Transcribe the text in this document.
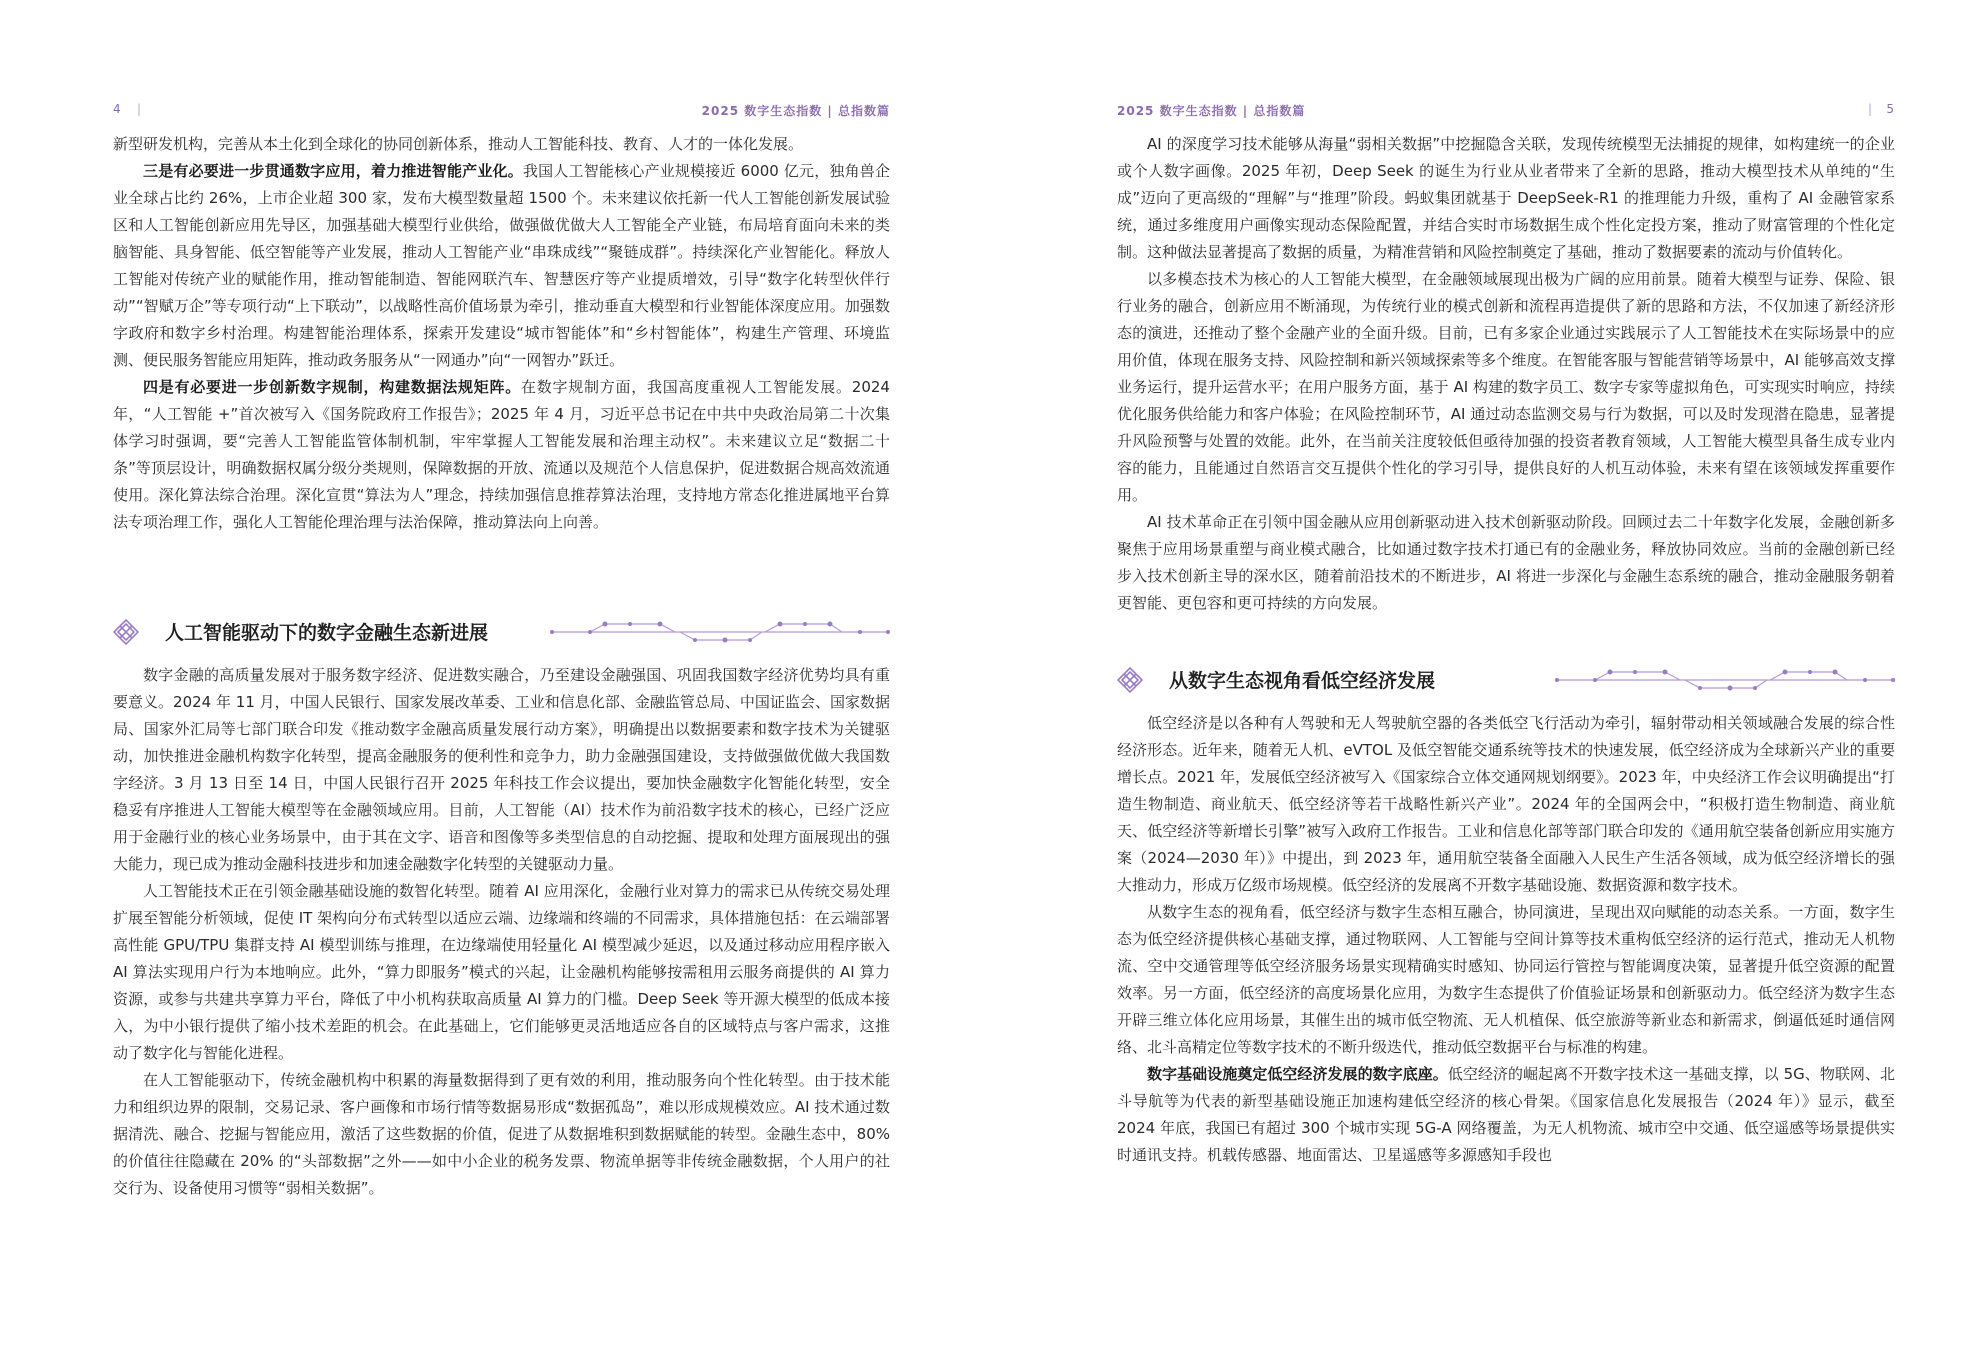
4 |	2025 数字生态指数 | 总指数篇

新型研发机构，完善从本土化到全球化的协同创新体系，推动人工智能科技、教育、人才的一体化发展。

三是有必要进一步贯通数字应用，着力推进智能产业化。我国人工智能核心产业规模接近 6000 亿元，独角兽企业全球占比约 26%，上市企业超 300 家，发布大模型数量超 1500 个。未来建议依托新一代人工智能创新发展试验区和人工智能创新应用先导区，加强基础大模型行业供给，做强做优做大人工智能全产业链，布局培育面向未来的类脑智能、具身智能、低空智能等产业发展，推动人工智能产业“串珠成线”“聚链成群”。持续深化产业智能化。释放人工智能对传统产业的赋能作用，推动智能制造、智能网联汽车、智慧医疗等产业提质增效，引导“数字化转型伙伴行动”“智赋万企”等专项行动“上下联动”，以战略性高价值场景为牵引，推动垂直大模型和行业智能体深度应用。加强数字政府和数字乡村治理。构建智能治理体系，探索开发建设“城市智能体”和“乡村智能体”，构建生产管理、环境监测、便民服务智能应用矩阵，推动政务服务从“一网通办”向“一网智办”跃迁。

四是有必要进一步创新数字规制，构建数据法规矩阵。在数字规制方面，我国高度重视人工智能发展。2024 年，“人工智能 +”首次被写入《国务院政府工作报告》；2025 年 4 月，习近平总书记在中共中央政治局第二十次集体学习时强调，要“完善人工智能监管体制机制，牢牢掌握人工智能发展和治理主动权”。未来建议立足“数据二十条”等顶层设计，明确数据权属分级分类规则，保障数据的开放、流通以及规范个人信息保护，促进数据合规高效流通使用。深化算法综合治理。深化宣贯“算法为人”理念，持续加强信息推荐算法治理，支持地方常态化推进属地平台算法专项治理工作，强化人工智能伦理治理与法治保障，推动算法向上向善。

人工智能驱动下的数字金融生态新进展

数字金融的高质量发展对于服务数字经济、促进数实融合，乃至建设金融强国、巩固我国数字经济优势均具有重要意义。2024 年 11 月，中国人民银行、国家发展改革委、工业和信息化部、金融监管总局、中国证监会、国家数据局、国家外汇局等七部门联合印发《推动数字金融高质量发展行动方案》，明确提出以数据要素和数字技术为关键驱动，加快推进金融机构数字化转型，提高金融服务的便利性和竞争力，助力金融强国建设，支持做强做优做大我国数字经济。3 月 13 日至 14 日，中国人民银行召开 2025 年科技工作会议提出，要加快金融数字化智能化转型，安全稳妥有序推进人工智能大模型等在金融领域应用。目前，人工智能（AI）技术作为前沿数字技术的核心，已经广泛应用于金融行业的核心业务场景中，由于其在文字、语音和图像等多类型信息的自动挖掘、提取和处理方面展现出的强大能力，现已成为推动金融科技进步和加速金融数字化转型的关键驱动力量。

人工智能技术正在引领金融基础设施的数智化转型。随着 AI 应用深化，金融行业对算力的需求已从传统交易处理扩展至智能分析领域，促使 IT 架构向分布式转型以适应云端、边缘端和终端的不同需求，具体措施包括：在云端部署高性能 GPU/TPU 集群支持 AI 模型训练与推理，在边缘端使用轻量化 AI 模型减少延迟，以及通过移动应用程序嵌入 AI 算法实现用户行为本地响应。此外，“算力即服务”模式的兴起，让金融机构能够按需租用云服务商提供的 AI 算力资源，或参与共建共享算力平台，降低了中小机构获取高质量 AI 算力的门槛。Deep Seek 等开源大模型的低成本接入，为中小银行提供了缩小技术差距的机会。在此基础上，它们能够更灵活地适应各自的区域特点与客户需求，这推动了数字化与智能化进程。

在人工智能驱动下，传统金融机构中积累的海量数据得到了更有效的利用，推动服务向个性化转型。由于技术能力和组织边界的限制，交易记录、客户画像和市场行情等数据易形成“数据孤岛”，难以形成规模效应。AI 技术通过数据清洗、融合、挖掘与智能应用，激活了这些数据的价值，促进了从数据堆积到数据赋能的转型。金融生态中，80% 的价值往往隐藏在 20% 的“头部数据”之外——如中小企业的税务发票、物流单据等非传统金融数据，个人用户的社交行为、设备使用习惯等“弱相关数据”。

2025 数字生态指数 | 总指数篇	| 5

AI 的深度学习技术能够从海量“弱相关数据”中挖掘隐含关联，发现传统模型无法捕捉的规律，如构建统一的企业或个人数字画像。2025 年初，Deep Seek 的诞生为行业从业者带来了全新的思路，推动大模型技术从单纯的“生成”迈向了更高级的“理解”与“推理”阶段。蚂蚁集团就基于 DeepSeek-R1 的推理能力升级，重构了 AI 金融管家系统，通过多维度用户画像实现动态保险配置，并结合实时市场数据生成个性化定投方案，推动了财富管理的个性化定制。这种做法显著提高了数据的质量，为精准营销和风险控制奠定了基础，推动了数据要素的流动与价值转化。

以多模态技术为核心的人工智能大模型，在金融领域展现出极为广阔的应用前景。随着大模型与证券、保险、银行业务的融合，创新应用不断涌现，为传统行业的模式创新和流程再造提供了新的思路和方法，不仅加速了新经济形态的演进，还推动了整个金融产业的全面升级。目前，已有多家企业通过实践展示了人工智能技术在实际场景中的应用价值，体现在服务支持、风险控制和新兴领域探索等多个维度。在智能客服与智能营销等场景中，AI 能够高效支撑业务运行，提升运营水平；在用户服务方面，基于 AI 构建的数字员工、数字专家等虚拟角色，可实现实时响应，持续优化服务供给能力和客户体验；在风险控制环节，AI 通过动态监测交易与行为数据，可以及时发现潜在隐患，显著提升风险预警与处置的效能。此外，在当前关注度较低但亟待加强的投资者教育领域，人工智能大模型具备生成专业内容的能力，且能通过自然语言交互提供个性化的学习引导，提供良好的人机互动体验，未来有望在该领域发挥重要作用。

AI 技术革命正在引领中国金融从应用创新驱动进入技术创新驱动阶段。回顾过去二十年数字化发展，金融创新多聚焦于应用场景重塑与商业模式融合，比如通过数字技术打通已有的金融业务，释放协同效应。当前的金融创新已经步入技术创新主导的深水区，随着前沿技术的不断进步，AI 将进一步深化与金融生态系统的融合，推动金融服务朝着更智能、更包容和更可持续的方向发展。

从数字生态视角看低空经济发展

低空经济是以各种有人驾驶和无人驾驶航空器的各类低空飞行活动为牵引，辐射带动相关领域融合发展的综合性经济形态。近年来，随着无人机、eVTOL 及低空智能交通系统等技术的快速发展，低空经济成为全球新兴产业的重要增长点。2021 年，发展低空经济被写入《国家综合立体交通网规划纲要》。2023 年，中央经济工作会议明确提出“打造生物制造、商业航天、低空经济等若干战略性新兴产业”。2024 年的全国两会中，“积极打造生物制造、商业航天、低空经济等新增长引擎”被写入政府工作报告。工业和信息化部等部门联合印发的《通用航空装备创新应用实施方案（2024—2030 年）》中提出，到 2023 年，通用航空装备全面融入人民生产生活各领域，成为低空经济增长的强大推动力，形成万亿级市场规模。低空经济的发展离不开数字基础设施、数据资源和数字技术。

从数字生态的视角看，低空经济与数字生态相互融合，协同演进，呈现出双向赋能的动态关系。一方面，数字生态为低空经济提供核心基础支撑，通过物联网、人工智能与空间计算等技术重构低空经济的运行范式，推动无人机物流、空中交通管理等低空经济服务场景实现精确实时感知、协同运行管控与智能调度决策，显著提升低空资源的配置效率。另一方面，低空经济的高度场景化应用，为数字生态提供了价值验证场景和创新驱动力。低空经济为数字生态开辟三维立体化应用场景，其催生出的城市低空物流、无人机植保、低空旅游等新业态和新需求，倒逼低延时通信网络、北斗高精定位等数字技术的不断升级迭代，推动低空数据平台与标准的构建。

数字基础设施奠定低空经济发展的数字底座。低空经济的崛起离不开数字技术这一基础支撑，以 5G、物联网、北斗导航等为代表的新型基础设施正加速构建低空经济的核心骨架。《国家信息化发展报告（2024 年）》显示，截至 2024 年底，我国已有超过 300 个城市实现 5G-A 网络覆盖，为无人机物流、城市空中交通、低空遥感等场景提供实时通讯支持。机载传感器、地面雷达、卫星遥感等多源感知手段也
